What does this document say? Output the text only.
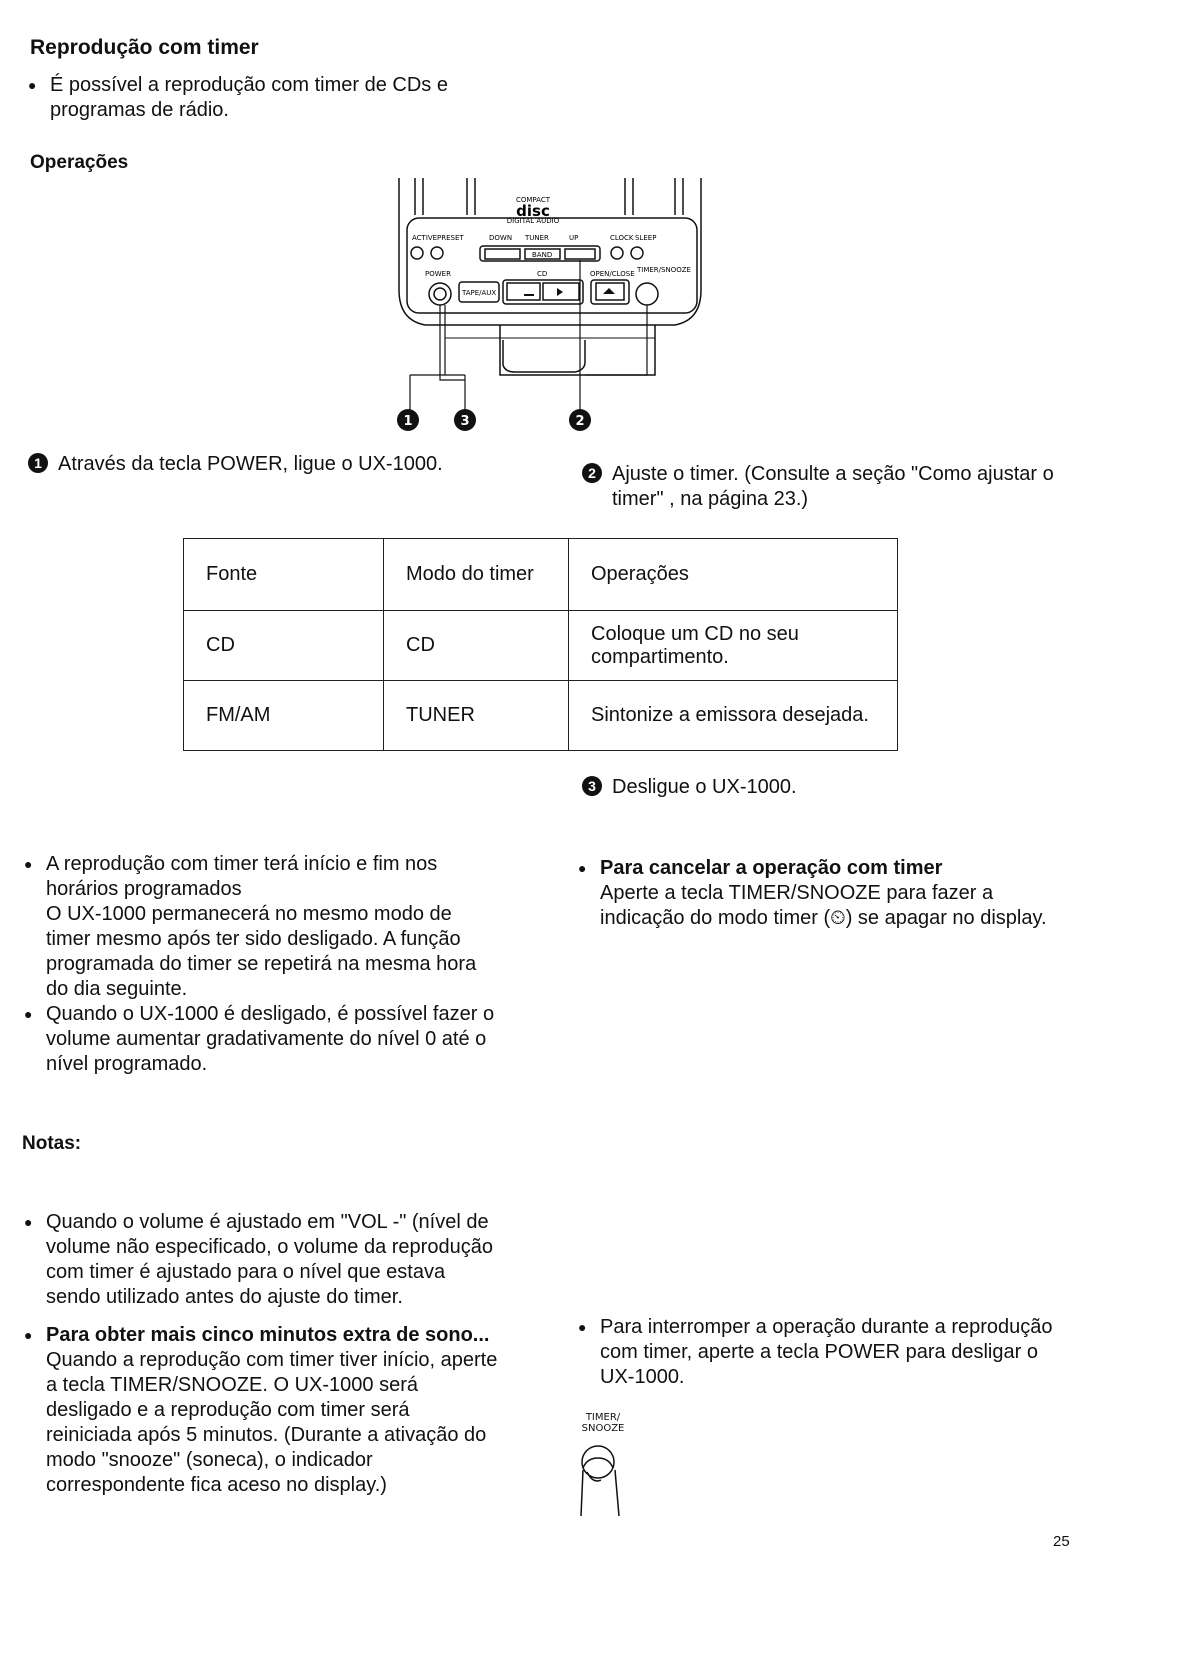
Reprodução com timer
● É possível a reprodução com timer de CDs e programas de rádio.
Operações
COMPACT
disc
DIGITAL AUDIO
ACTIVE PRESET	DOWN TUNER	UP	CLOCK SLEEP
BAND
POWER	CD	OPEN/CLOSE TIMER/SNOOZE
TAPE/AUX
1	3	2
1 Através da tecla POWER, ligue o UX-1000.	2 Ajuste o timer. (Consulte a seção "Como ajustar o timer" , na página 23.)
Fonte	Modo do timer	Operações
CD	CD	Coloque um CD no seu compartimento.
FM/AM	TUNER	Sintonize a emissora desejada.
3 Desligue o UX-1000.
● A reprodução com timer terá início e fim nos horários programados
O UX-1000 permanecerá no mesmo modo de timer mesmo após ter sido desligado. A função programada do timer se repetirá na mesma hora do dia seguinte.
● Quando o UX-1000 é desligado, é possível fazer o volume aumentar gradativamente do nível 0 até o nível programado.
● Para cancelar a operação com timer
Aperte a tecla TIMER/SNOOZE para fazer a indicação do modo timer (⏲) se apagar no display.
Notas:
● Quando o volume é ajustado em "VOL -" (nível de volume não especificado, o volume da reprodução com timer é ajustado para o nível que estava sendo utilizado antes do ajuste do timer.
● Para interromper a operação durante a reprodução com timer, aperte a tecla POWER para desligar o UX-1000.
● Para obter mais cinco minutos extra de sono...
Quando a reprodução com timer tiver início, aperte a tecla TIMER/SNOOZE. O UX-1000 será desligado e a reprodução com timer será reiniciada após 5 minutos. (Durante a ativação do modo "snooze" (soneca), o indicador correspondente fica aceso no display.)
TIMER/
SNOOZE
25
